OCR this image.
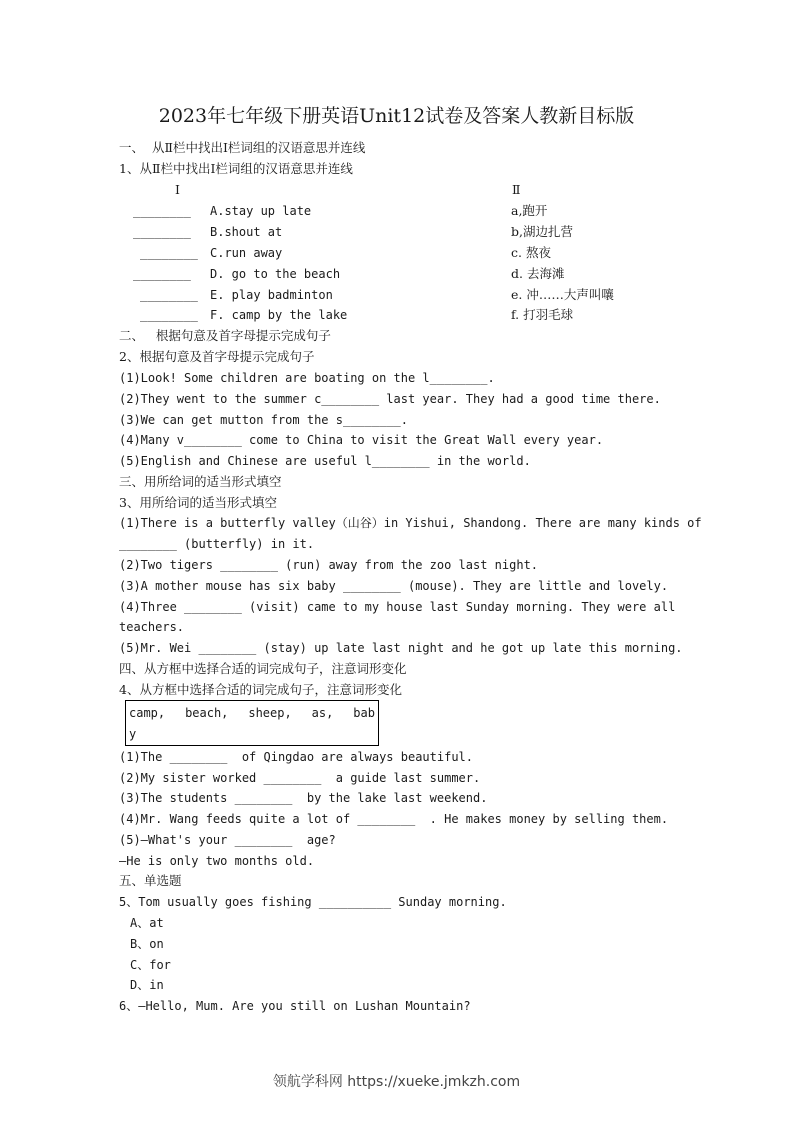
2023年七年级下册英语Unit12试卷及答案人教新目标版
一、  从Ⅱ栏中找出Ⅰ栏词组的汉语意思并连线
1、从Ⅱ栏中找出Ⅰ栏词组的汉语意思并连线
Ⅰ	Ⅱ
________ A.stay up late	a,跑开
________ B.shout at	b,湖边扎营
________ C.run away	c. 熬夜
________ D. go to the beach	d. 去海滩
________ E. play badminton	e. 冲……大声叫嚷
________ F. camp by the lake	f. 打羽毛球
二、   根据句意及首字母提示完成句子
2、根据句意及首字母提示完成句子
(1)Look! Some children are boating on the l________.
(2)They went to the summer c________ last year. They had a good time there.
(3)We can get mutton from the s________.
(4)Many v________ come to China to visit the Great Wall every year.
(5)English and Chinese are useful l________ in the world.
三、用所给词的适当形式填空
3、用所给词的适当形式填空
(1)There is a butterfly valley（山谷）in Yishui, Shandong. There are many kinds of
________ (butterfly) in it.
(2)Two tigers ________ (run) away from the zoo last night.
(3)A mother mouse has six baby ________ (mouse). They are little and lovely.
(4)Three ________ (visit) came to my house last Sunday morning. They were all
teachers.
(5)Mr. Wei ________ (stay) up late last night and he got up late this morning.
四、从方框中选择合适的词完成句子，注意词形变化
4、从方框中选择合适的词完成句子，注意词形变化
camp, beach, sheep, as, bab
y
(1)The ________  of Qingdao are always beautiful.
(2)My sister worked ________  a guide last summer.
(3)The students ________  by the lake last weekend.
(4)Mr. Wang feeds quite a lot of ________  . He makes money by selling them.
(5)—What's your ________  age?
—He is only two months old.
五、单选题
5、Tom usually goes fishing __________ Sunday morning.
A、at
B、on
C、for
D、in
6、—Hello, Mum. Are you still on Lushan Mountain?
领航学科网 https://xueke.jmkzh.com
